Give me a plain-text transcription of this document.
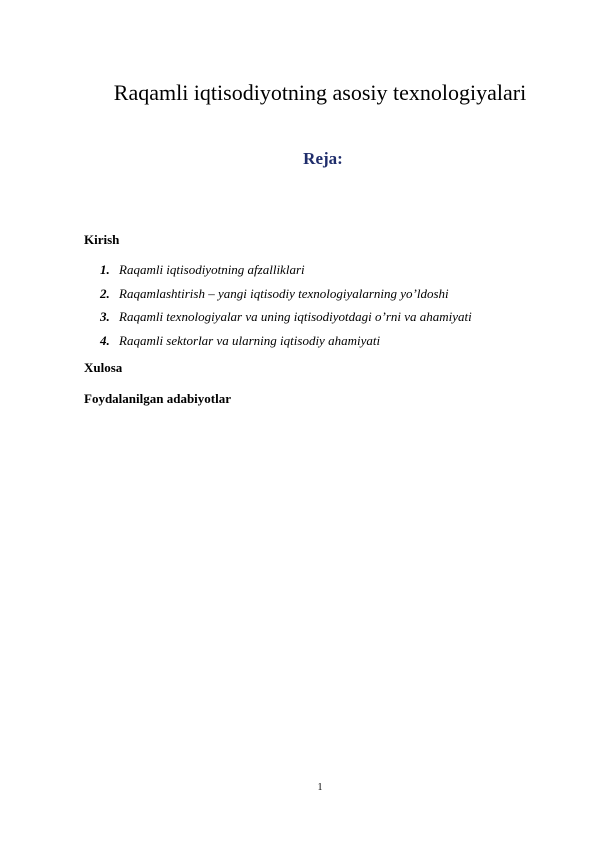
Raqamli iqtisodiyotning asosiy texnologiyalari
Reja:
Kirish
1. Raqamli iqtisodiyotning afzalliklari
2. Raqamlashtirish – yangi iqtisodiy texnologiyalarning yo’ldoshi
3. Raqamli texnologiyalar va uning iqtisodiyotdagi o’rni va ahamiyati
4. Raqamli sektorlar va ularning iqtisodiy ahamiyati
Xulosa
Foydalanilgan adabiyotlar
1
